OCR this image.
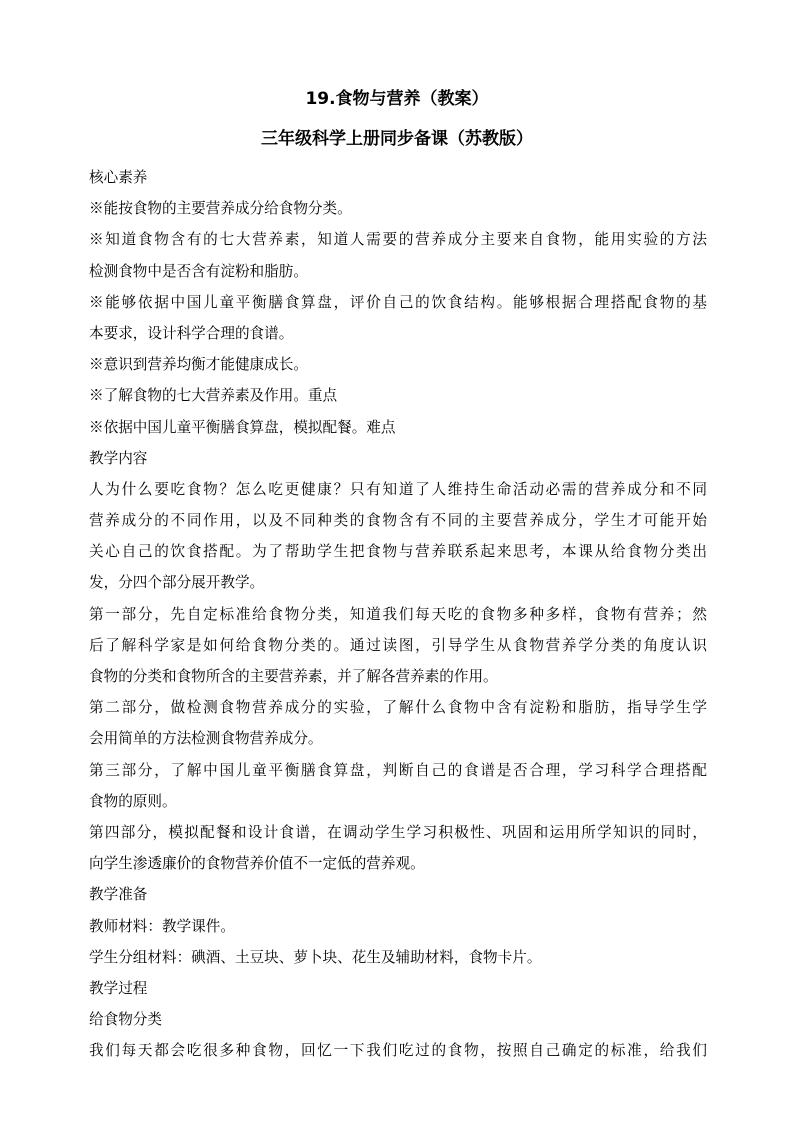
19.食物与营养（教案）
三年级科学上册同步备课（苏教版）
核心素养
※能按食物的主要营养成分给食物分类。
※知道食物含有的七大营养素，知道人需要的营养成分主要来自食物，能用实验的方法
检测食物中是否含有淀粉和脂肪。
※能够依据中国儿童平衡膳食算盘，评价自己的饮食结构。能够根据合理搭配食物的基
本要求，设计科学合理的食谱。
※意识到营养均衡才能健康成长。
※了解食物的七大营养素及作用。重点
※依据中国儿童平衡膳食算盘，模拟配餐。难点
教学内容
人为什么要吃食物？怎么吃更健康？只有知道了人维持生命活动必需的营养成分和不同
营养成分的不同作用，以及不同种类的食物含有不同的主要营养成分，学生才可能开始
关心自己的饮食搭配。为了帮助学生把食物与营养联系起来思考，本课从给食物分类出
发，分四个部分展开教学。
第一部分，先自定标准给食物分类，知道我们每天吃的食物多种多样，食物有营养；然
后了解科学家是如何给食物分类的。通过读图，引导学生从食物营养学分类的角度认识
食物的分类和食物所含的主要营养素，并了解各营养素的作用。
第二部分，做检测食物营养成分的实验，了解什么食物中含有淀粉和脂肪，指导学生学
会用简单的方法检测食物营养成分。
第三部分，了解中国儿童平衡膳食算盘，判断自己的食谱是否合理，学习科学合理搭配
食物的原则。
第四部分，模拟配餐和设计食谱，在调动学生学习积极性、巩固和运用所学知识的同时，
向学生渗透廉价的食物营养价值不一定低的营养观。
教学准备
教师材料：教学课件。
学生分组材料：碘酒、土豆块、萝卜块、花生及辅助材料，食物卡片。
教学过程
给食物分类
我们每天都会吃很多种食物，回忆一下我们吃过的食物，按照自己确定的标准，给我们
